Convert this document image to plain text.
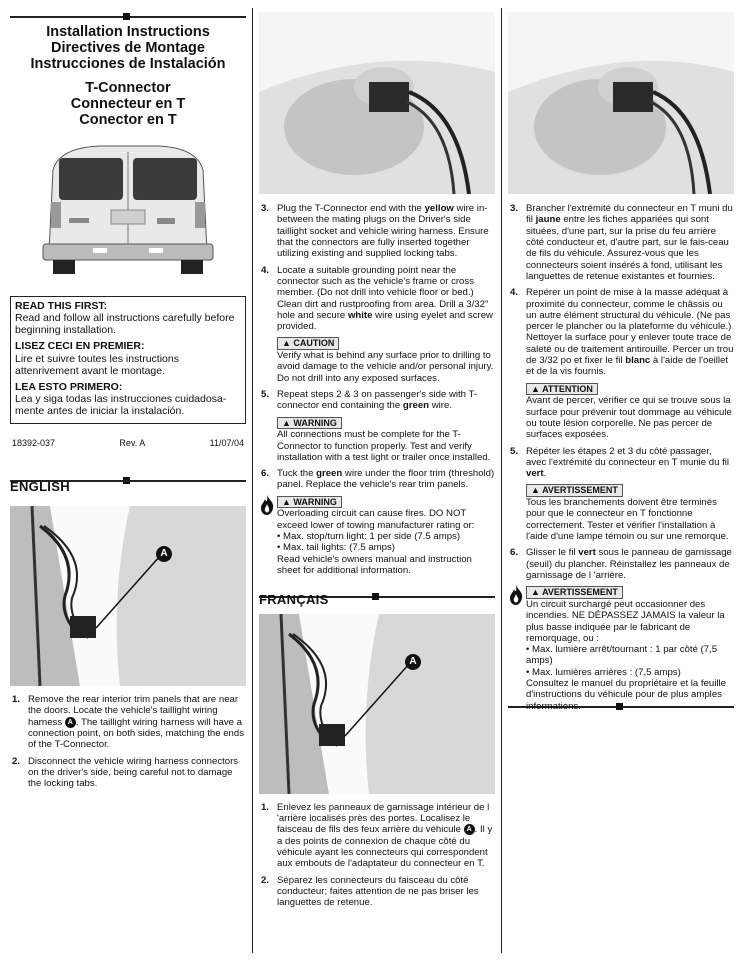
Installation Instructions
Directives de Montage
Instrucciones de Instalación
T-Connector
Connecteur en T
Conector en T
READ THIS FIRST:
Read and follow all instructions carefully before beginning installation.
LISEZ CECI EN PREMIER:
Lire et suivre toutes les instructions attenrivement avant le montage.
LEA ESTO PRIMERO:
Lea y siga todas las instrucciones cuidadosa-mente antes de iniciar la instalación.
18392-037	Rev. A	11/07/04
ENGLISH
A
1. Remove the rear interior trim panels that are near the doors. Locate the vehicle's taillight wiring harness A . The taillight wiring harness will have a connection point, on both sides, matching the ends of the T-Connector.
2. Disconnect the vehicle wiring harness connectors on the driver's side, being careful not to damage the locking tabs.
3. Plug the T-Connector end with the yellow wire in-between the mating plugs on the Driver's side taillight socket and vehicle wiring harness. Ensure that the connectors are fully inserted together utilizing existing and supplied locking tabs.
4. Locate a suitable grounding point near the connector such as the vehicle's frame or cross member. (Do not drill into vehicle floor or bed.) Clean dirt and rustproofing from area. Drill a 3/32" hole and secure white wire using eyelet and screw provided.
▲ CAUTION
Verify what is behind any surface prior to drilling to avoid damage to the vehicle and/or personal injury. Do not drill into any exposed surfaces.
5. Repeat steps 2 & 3 on passenger's side with T-connector end containing the green wire.
▲ WARNING
All connections must be complete for the T-Connector to function properly. Test and verify installation with a test light or trailer once installed.
6. Tuck the green wire under the floor trim (threshold) panel. Replace the vehicle's rear trim panels.
▲ WARNING
Overloading circuit can cause fires. DO NOT exceed lower of towing manufacturer rating or:
• Max. stop/turn light: 1 per side (7.5 amps)
• Max. tail lights: (7.5 amps)
Read vehicle's owners manual and instruction sheet for additional information.
FRANÇAIS
A
1. Enlevez les panneaux de garnissage intérieur de l 'arrière localisés près des portes. Localisez le faisceau de fils des feux arrière du véhicule A . Il y a des points de connexion de chaque côté du véhicule ayant les connecteurs qui correspondent aux embouts de l'adaptateur du connecteur en T.
2. Séparez les connecteurs du faisceau du côté conducteur; faites attention de ne pas briser les languettes de retenue.
3. Brancher l'extrémité du connecteur en T muni du fil jaune entre les fiches appariées qui sont situées, d'une part, sur la prise du feu arrière côté conducteur et, d'autre part, sur le fais-ceau de fils du véhicule. Assurez-vous que les connecteurs soient insérés à fond, utilisant les languettes de retenue existantes et fournies.
4. Repérer un point de mise à la masse adéquat à proximité du connecteur, comme le châssis ou un autre élément structural du véhicule. (Ne pas percer le plancher ou la plateforme du véhicule.) Nettoyer la surface pour y enlever toute trace de saleté ou de traitement antirouille. Percer un trou de 3/32 po et fixer le fil blanc à l'aide de l'oeillet et de la vis fournis.
▲ ATTENTION
Avant de percer, vérifier ce qui se trouve sous la surface pour prévenir tout dommage au véhicule ou toute lésion corporelle. Ne pas percer de surfaces exposées.
5. Répéter les étapes 2 et 3 du côté passager, avec l'extrémité du connecteur en T munie du fil vert.
▲ AVERTISSEMENT
Tous les branchements doivent être terminés pour que le connecteur en T fonctionne correctement. Tester et vérifier l'installation à l'aide d'une lampe témoin ou sur une remorque.
6. Glisser le fil vert sous le panneau de garnissage (seuil) du plancher. Réinstallez les panneaux de garnissage de l 'arrière.
▲ AVERTISSEMENT
Un circuit surchargé peut occasionner des incendies. NE DÉPASSEZ JAMAIS la valeur la plus basse indiquée par le fabricant de remorquage, ou :
• Max. lumière arrêt/tournant : 1 par côté (7,5 amps)
• Max. lumières arrières : (7,5 amps)
Consultez le manuel du propriétaire et la feuille d'instructions du véhicule pour de plus amples informations.
